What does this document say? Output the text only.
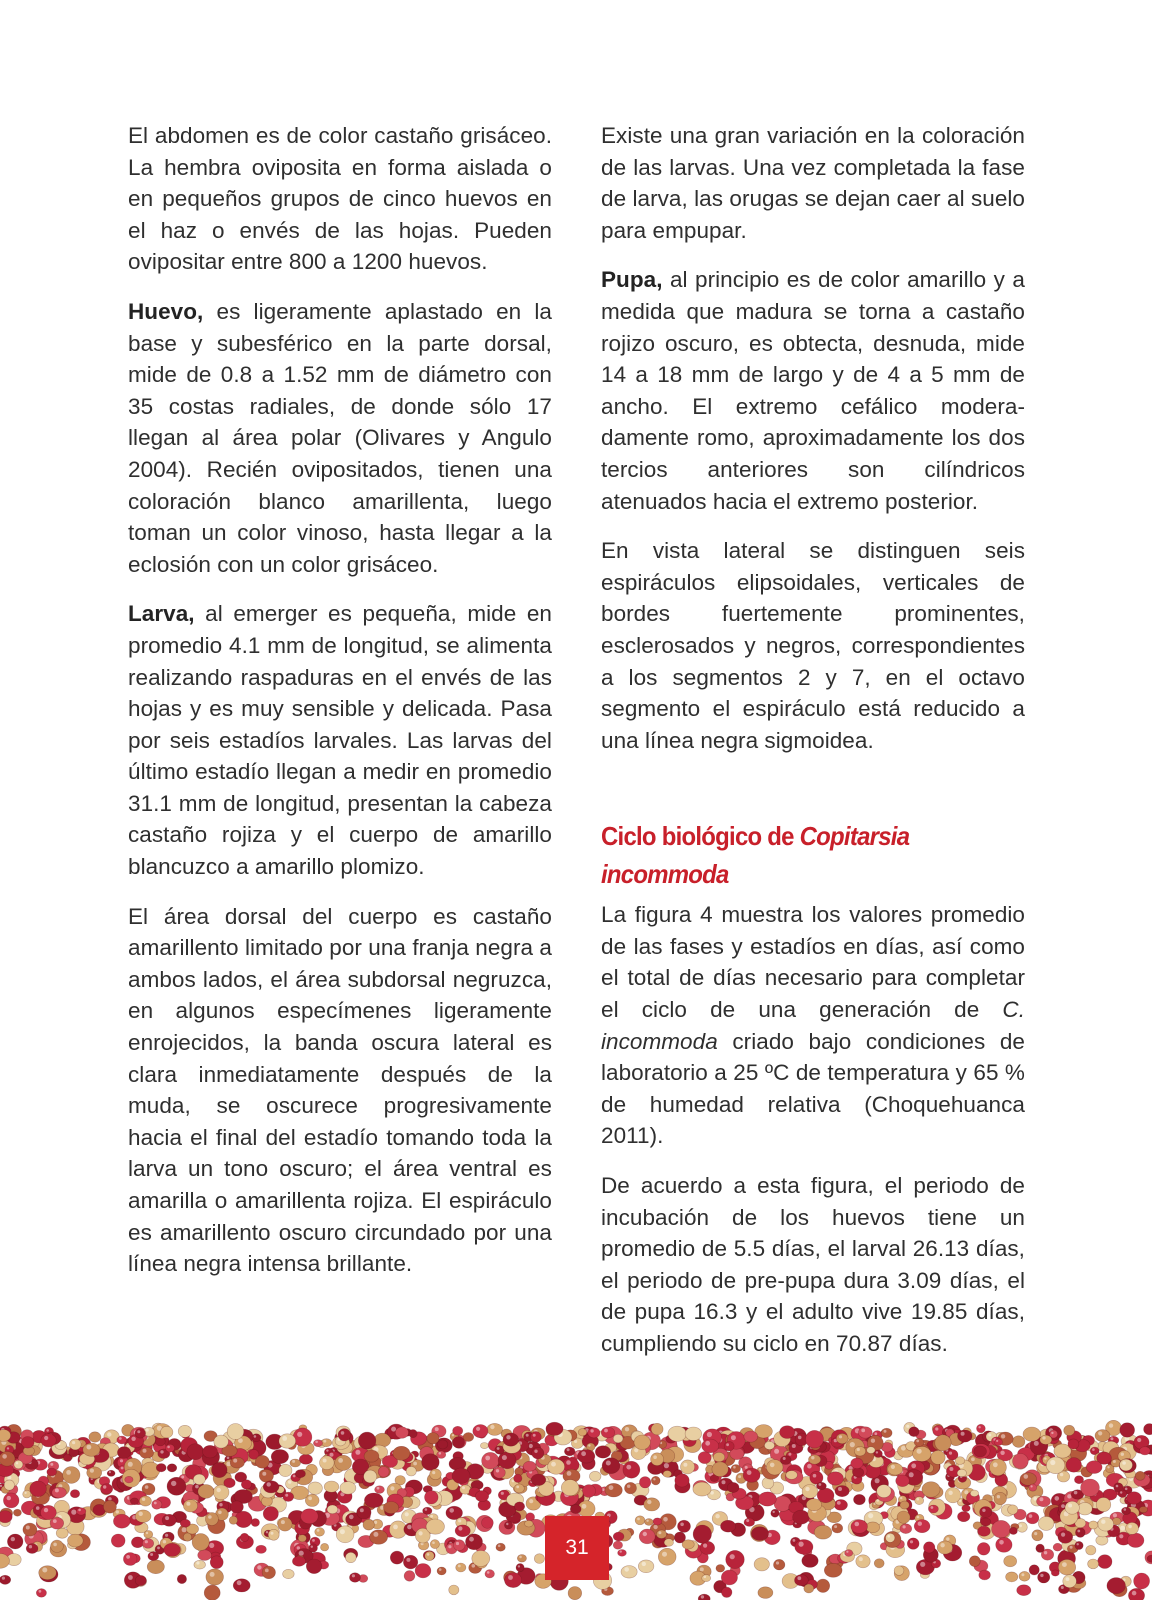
El abdomen es de color castaño grisáceo. La hembra oviposita en forma aislada o en pequeños grupos de cinco huevos en el haz o envés de las hojas. Pueden ovipositar entre 800 a 1200 huevos.

Huevo, es ligeramente aplastado en la base y subesférico en la parte dorsal, mide de 0.8 a 1.52 mm de diámetro con 35 costas radiales, de donde sólo 17 llegan al área polar (Olivares y Angulo 2004). Recién ovipositados, tienen una coloración blanco amarillenta, luego toman un color vinoso, hasta llegar a la eclosión con un color grisáceo.

Larva, al emerger es pequeña, mide en promedio 4.1 mm de longitud, se alimenta realizando raspaduras en el envés de las hojas y es muy sensible y delicada. Pasa por seis estadíos larvales. Las larvas del último estadío llegan a medir en promedio 31.1 mm de longitud, presentan la cabeza castaño rojiza y el cuerpo de amarillo blancuzco a amarillo plomizo.

El área dorsal del cuerpo es castaño amarillento limitado por una franja negra a ambos lados, el área subdorsal negruzca, en algunos especímenes ligeramente enrojecidos, la banda oscura lateral es clara inmediatamente después de la muda, se oscurece progresivamente hacia el final del estadío tomando toda la larva un tono oscuro; el área ventral es amarilla o amarillenta rojiza. El espiráculo es amarillento oscuro circundado por una línea negra intensa brillante.

Existe una gran variación en la coloración de las larvas. Una vez completada la fase de larva, las orugas se dejan caer al suelo para empupar.

Pupa, al principio es de color amarillo y a medida que madura se torna a castaño rojizo oscuro, es obtecta, desnuda, mide 14 a 18 mm de largo y de 4 a 5 mm de ancho. El extremo cefálico modera-damente romo, aproximadamente los dos tercios anteriores son cilíndricos atenuados hacia el extremo posterior.

En vista lateral se distinguen seis espiráculos elipsoidales, verticales de bordes fuertemente prominentes, esclerosados y negros, correspondientes a los segmentos 2 y 7, en el octavo segmento el espiráculo está reducido a una línea negra sigmoidea.

Ciclo biológico de Copitarsia incommoda

La figura 4 muestra los valores promedio de las fases y estadíos en días, así como el total de días necesario para completar el ciclo de una generación de C. incommoda criado bajo condiciones de laboratorio a 25 ºC de temperatura y 65 % de humedad relativa (Choquehuanca 2011).

De acuerdo a esta figura, el periodo de incubación de los huevos tiene un promedio de 5.5 días, el larval 26.13 días, el periodo de pre-pupa dura 3.09 días, el de pupa 16.3 y el adulto vive 19.85 días, cumpliendo su ciclo en 70.87 días.

31
